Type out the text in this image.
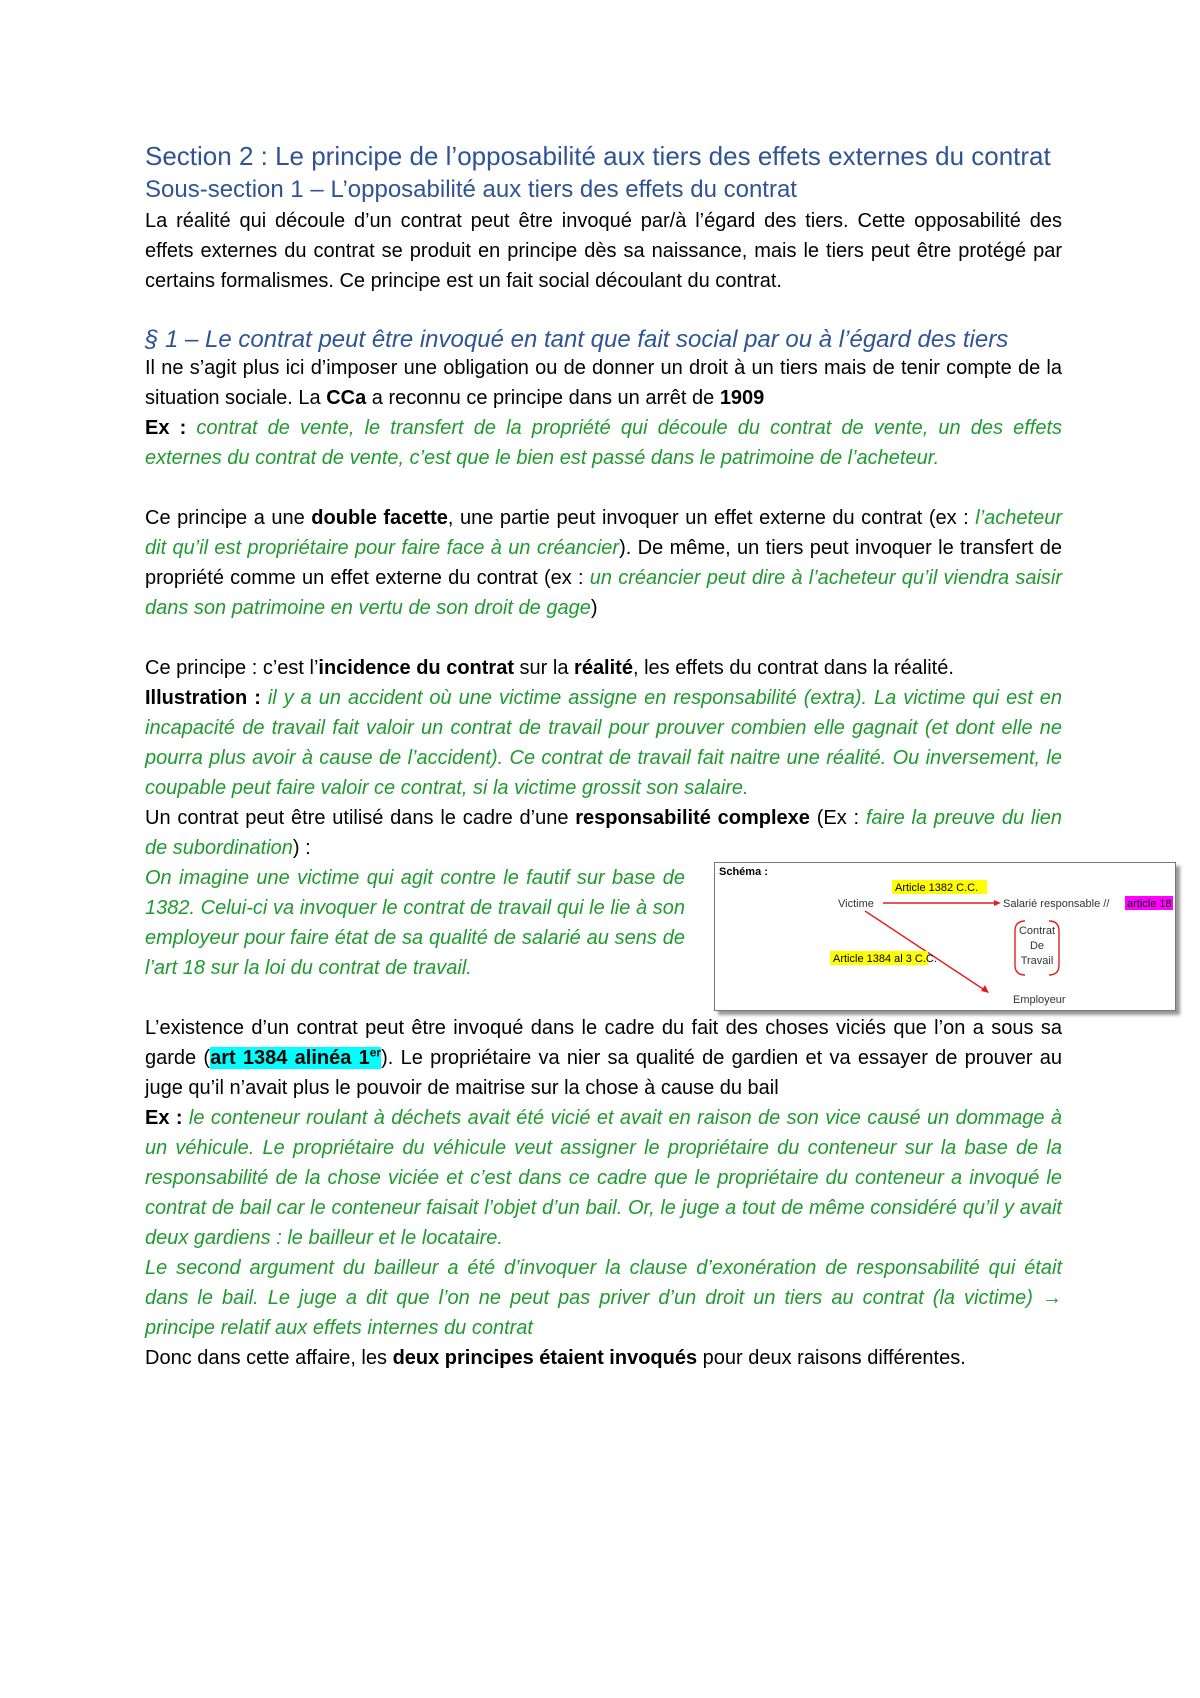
Section 2 : Le principe de l’opposabilité aux tiers des effets externes du contrat
Sous-section 1 – L’opposabilité aux tiers des effets du contrat

La réalité qui découle d’un contrat peut être invoqué par/à l’égard des tiers. Cette opposabilité des effets externes du contrat se produit en principe dès sa naissance, mais le tiers peut être protégé par certains formalismes. Ce principe est un fait social découlant du contrat.

§ 1 – Le contrat peut être invoqué en tant que fait social par ou à l’égard des tiers

Il ne s’agit plus ici d’imposer une obligation ou de donner un droit à un tiers mais de tenir compte de la situation sociale. La CCa a reconnu ce principe dans un arrêt de 1909

Ex : contrat de vente, le transfert de la propriété qui découle du contrat de vente, un des effets externes du contrat de vente, c’est que le bien est passé dans le patrimoine de l’acheteur.

Ce principe a une double facette, une partie peut invoquer un effet externe du contrat (ex : l’acheteur dit qu’il est propriétaire pour faire face à un créancier). De même, un tiers peut invoquer le transfert de propriété comme un effet externe du contrat (ex : un créancier peut dire à l’acheteur qu’il viendra saisir dans son patrimoine en vertu de son droit de gage)

Ce principe : c’est l’incidence du contrat sur la réalité, les effets du contrat dans la réalité.

Illustration : il y a un accident où une victime assigne en responsabilité (extra). La victime qui est en incapacité de travail fait valoir un contrat de travail pour prouver combien elle gagnait (et dont elle ne pourra plus avoir à cause de l’accident). Ce contrat de travail fait naitre une réalité. Ou inversement, le coupable peut faire valoir ce contrat, si la victime grossit son salaire.

Un contrat peut être utilisé dans le cadre d’une responsabilité complexe (Ex : faire la preuve du lien de subordination) :

On imagine une victime qui agit contre le fautif sur base de 1382. Celui-ci va invoquer le contrat de travail qui le lie à son employeur pour faire état de sa qualité de salarié au sens de l’art 18 sur la loi du contrat de travail.

Schéma :
Article 1382 C.C.
Victime	Salarié responsable // article 18
Contrat
De
Travail
Article 1384 al 3 C.C.
Employeur

L’existence d’un contrat peut être invoqué dans le cadre du fait des choses viciés que l’on a sous sa garde (art 1384 alinéa 1er). Le propriétaire va nier sa qualité de gardien et va essayer de prouver au juge qu’il n’avait plus le pouvoir de maitrise sur la chose à cause du bail

Ex : le conteneur roulant à déchets avait été vicié et avait en raison de son vice causé un dommage à un véhicule. Le propriétaire du véhicule veut assigner le propriétaire du conteneur sur la base de la responsabilité de la chose viciée et c’est dans ce cadre que le propriétaire du conteneur a invoqué le contrat de bail car le conteneur faisait l’objet d’un bail. Or, le juge a tout de même considéré qu’il y avait deux gardiens : le bailleur et le locataire.

Le second argument du bailleur a été d’invoquer la clause d’exonération de responsabilité qui était dans le bail. Le juge a dit que l’on ne peut pas priver d’un droit un tiers au contrat (la victime) → principe relatif aux effets internes du contrat

Donc dans cette affaire, les deux principes étaient invoqués pour deux raisons différentes.
